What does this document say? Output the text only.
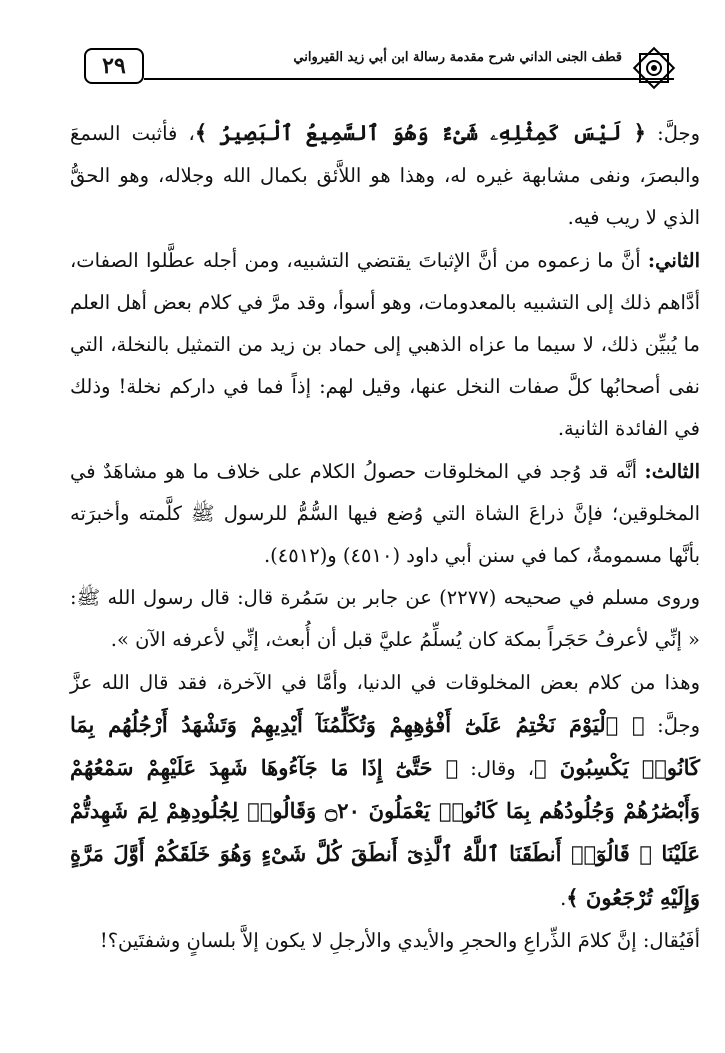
٢٩	قطف الجنى الداني شرح مقدمة رسالة ابن أبي زيد القيرواني

وجلَّ: ﴿ لَيْسَ كَمِثْلِهِۦ شَىْءٌ وَهُوَ ٱلسَّمِيعُ ٱلْبَصِيرُ ﴾، فأثبت السمعَ والبصرَ، ونفى مشابهة غيره له، وهذا هو اللاَّئق بكمال الله وجلاله، وهو الحقُّ الذي لا ريب فيه.

الثاني: أنَّ ما زعموه من أنَّ الإثباتَ يقتضي التشبيه، ومن أجله عطَّلوا الصفات، أدَّاهم ذلك إلى التشبيه بالمعدومات، وهو أسوأ، وقد مرَّ في كلام بعض أهل العلم ما يُبيِّن ذلك، لا سيما ما عزاه الذهبي إلى حماد بن زيد من التمثيل بالنخلة، التي نفى أصحابُها كلَّ صفات النخل عنها، وقيل لهم: إذاً فما في داركم نخلة! وذلك في الفائدة الثانية.

الثالث: أنَّه قد وُجد في المخلوقات حصولُ الكلام على خلاف ما هو مشاهَدٌ في المخلوقين؛ فإنَّ ذراعَ الشاة التي وُضع فيها السُّمُّ للرسول ﷺ كلَّمته وأخبرَته بأنَّها مسمومةٌ، كما في سنن أبي داود (٤٥١٠) و(٤٥١٢).

وروى مسلم في صحيحه (٢٢٧٧) عن جابر بن سَمُرة قال: قال رسول الله ﷺ: « إنِّي لأعرفُ حَجَراً بمكة كان يُسلِّمُ عليَّ قبل أن أُبعث، إنِّي لأعرفه الآن ».

وهذا من كلام بعض المخلوقات في الدنيا، وأمَّا في الآخرة، فقد قال الله عزَّ وجلَّ: ﴿ ٱلْيَوْمَ نَخْتِمُ عَلَىٰٓ أَفْوَٰهِهِمْ وَتُكَلِّمُنَآ أَيْدِيهِمْ وَتَشْهَدُ أَرْجُلُهُم بِمَا كَانُوا۟ يَكْسِبُونَ ﴾، وقال: ﴿ حَتَّىٰٓ إِذَا مَا جَآءُوهَا شَهِدَ عَلَيْهِمْ سَمْعُهُمْ وَأَبْصَٰرُهُمْ وَجُلُودُهُم بِمَا كَانُوا۟ يَعْمَلُونَ ۝٢٠ وَقَالُوا۟ لِجُلُودِهِمْ لِمَ شَهِدتُّمْ عَلَيْنَا ۖ قَالُوٓا۟ أَنطَقَنَا ٱللَّهُ ٱلَّذِىٓ أَنطَقَ كُلَّ شَىْءٍ وَهُوَ خَلَقَكُمْ أَوَّلَ مَرَّةٍ وَإِلَيْهِ تُرْجَعُونَ ﴾.

أفَيُقال: إنَّ كلامَ الذِّراعِ والحجرِ والأيدي والأرجلِ لا يكون إلاَّ بلسانٍ وشفتَين؟!
